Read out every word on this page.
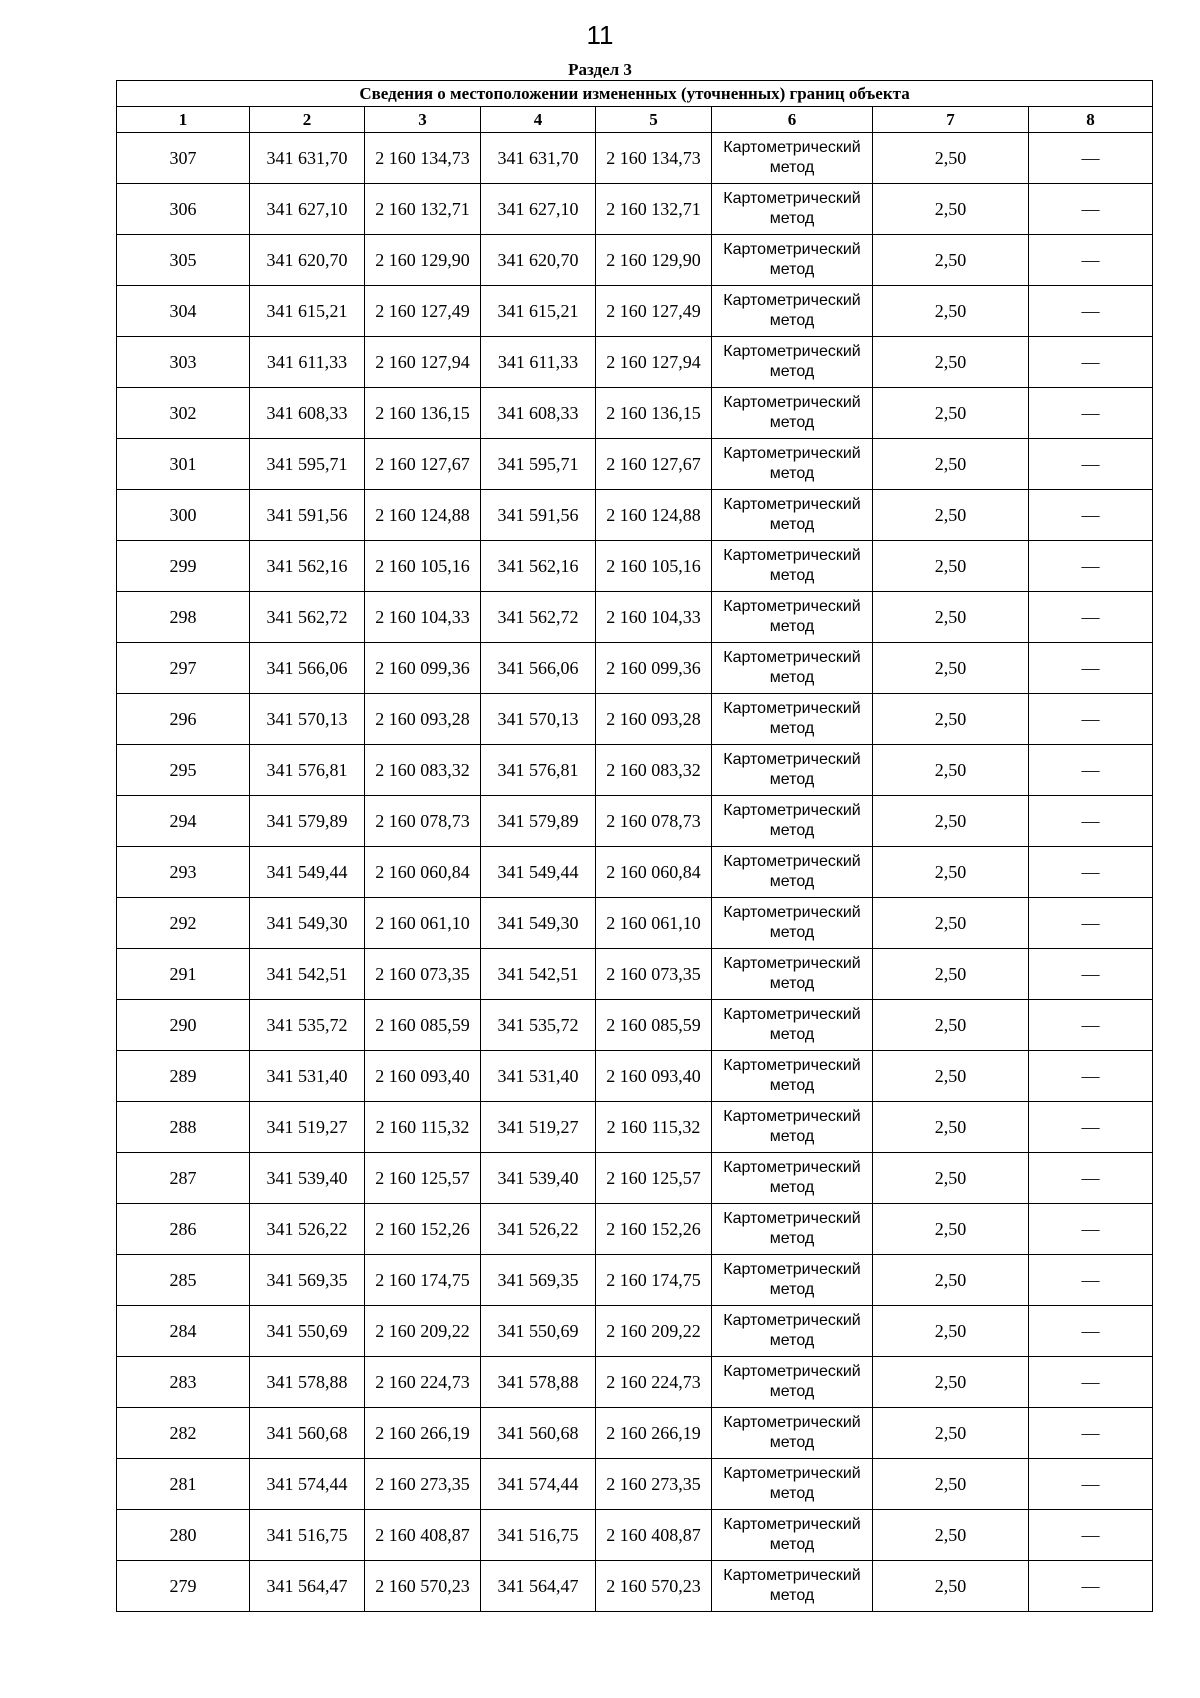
11
Раздел 3
Сведения о местоположении измененных (уточненных) границ объекта							
1	2	3	4	5	6	7	8
307	341 631,70	2 160 134,73	341 631,70	2 160 134,73	Картометрический метод	2,50	—
306	341 627,10	2 160 132,71	341 627,10	2 160 132,71	Картометрический метод	2,50	—
305	341 620,70	2 160 129,90	341 620,70	2 160 129,90	Картометрический метод	2,50	—
304	341 615,21	2 160 127,49	341 615,21	2 160 127,49	Картометрический метод	2,50	—
303	341 611,33	2 160 127,94	341 611,33	2 160 127,94	Картометрический метод	2,50	—
302	341 608,33	2 160 136,15	341 608,33	2 160 136,15	Картометрический метод	2,50	—
301	341 595,71	2 160 127,67	341 595,71	2 160 127,67	Картометрический метод	2,50	—
300	341 591,56	2 160 124,88	341 591,56	2 160 124,88	Картометрический метод	2,50	—
299	341 562,16	2 160 105,16	341 562,16	2 160 105,16	Картометрический метод	2,50	—
298	341 562,72	2 160 104,33	341 562,72	2 160 104,33	Картометрический метод	2,50	—
297	341 566,06	2 160 099,36	341 566,06	2 160 099,36	Картометрический метод	2,50	—
296	341 570,13	2 160 093,28	341 570,13	2 160 093,28	Картометрический метод	2,50	—
295	341 576,81	2 160 083,32	341 576,81	2 160 083,32	Картометрический метод	2,50	—
294	341 579,89	2 160 078,73	341 579,89	2 160 078,73	Картометрический метод	2,50	—
293	341 549,44	2 160 060,84	341 549,44	2 160 060,84	Картометрический метод	2,50	—
292	341 549,30	2 160 061,10	341 549,30	2 160 061,10	Картометрический метод	2,50	—
291	341 542,51	2 160 073,35	341 542,51	2 160 073,35	Картометрический метод	2,50	—
290	341 535,72	2 160 085,59	341 535,72	2 160 085,59	Картометрический метод	2,50	—
289	341 531,40	2 160 093,40	341 531,40	2 160 093,40	Картометрический метод	2,50	—
288	341 519,27	2 160 115,32	341 519,27	2 160 115,32	Картометрический метод	2,50	—
287	341 539,40	2 160 125,57	341 539,40	2 160 125,57	Картометрический метод	2,50	—
286	341 526,22	2 160 152,26	341 526,22	2 160 152,26	Картометрический метод	2,50	—
285	341 569,35	2 160 174,75	341 569,35	2 160 174,75	Картометрический метод	2,50	—
284	341 550,69	2 160 209,22	341 550,69	2 160 209,22	Картометрический метод	2,50	—
283	341 578,88	2 160 224,73	341 578,88	2 160 224,73	Картометрический метод	2,50	—
282	341 560,68	2 160 266,19	341 560,68	2 160 266,19	Картометрический метод	2,50	—
281	341 574,44	2 160 273,35	341 574,44	2 160 273,35	Картометрический метод	2,50	—
280	341 516,75	2 160 408,87	341 516,75	2 160 408,87	Картометрический метод	2,50	—
279	341 564,47	2 160 570,23	341 564,47	2 160 570,23	Картометрический метод	2,50	—
